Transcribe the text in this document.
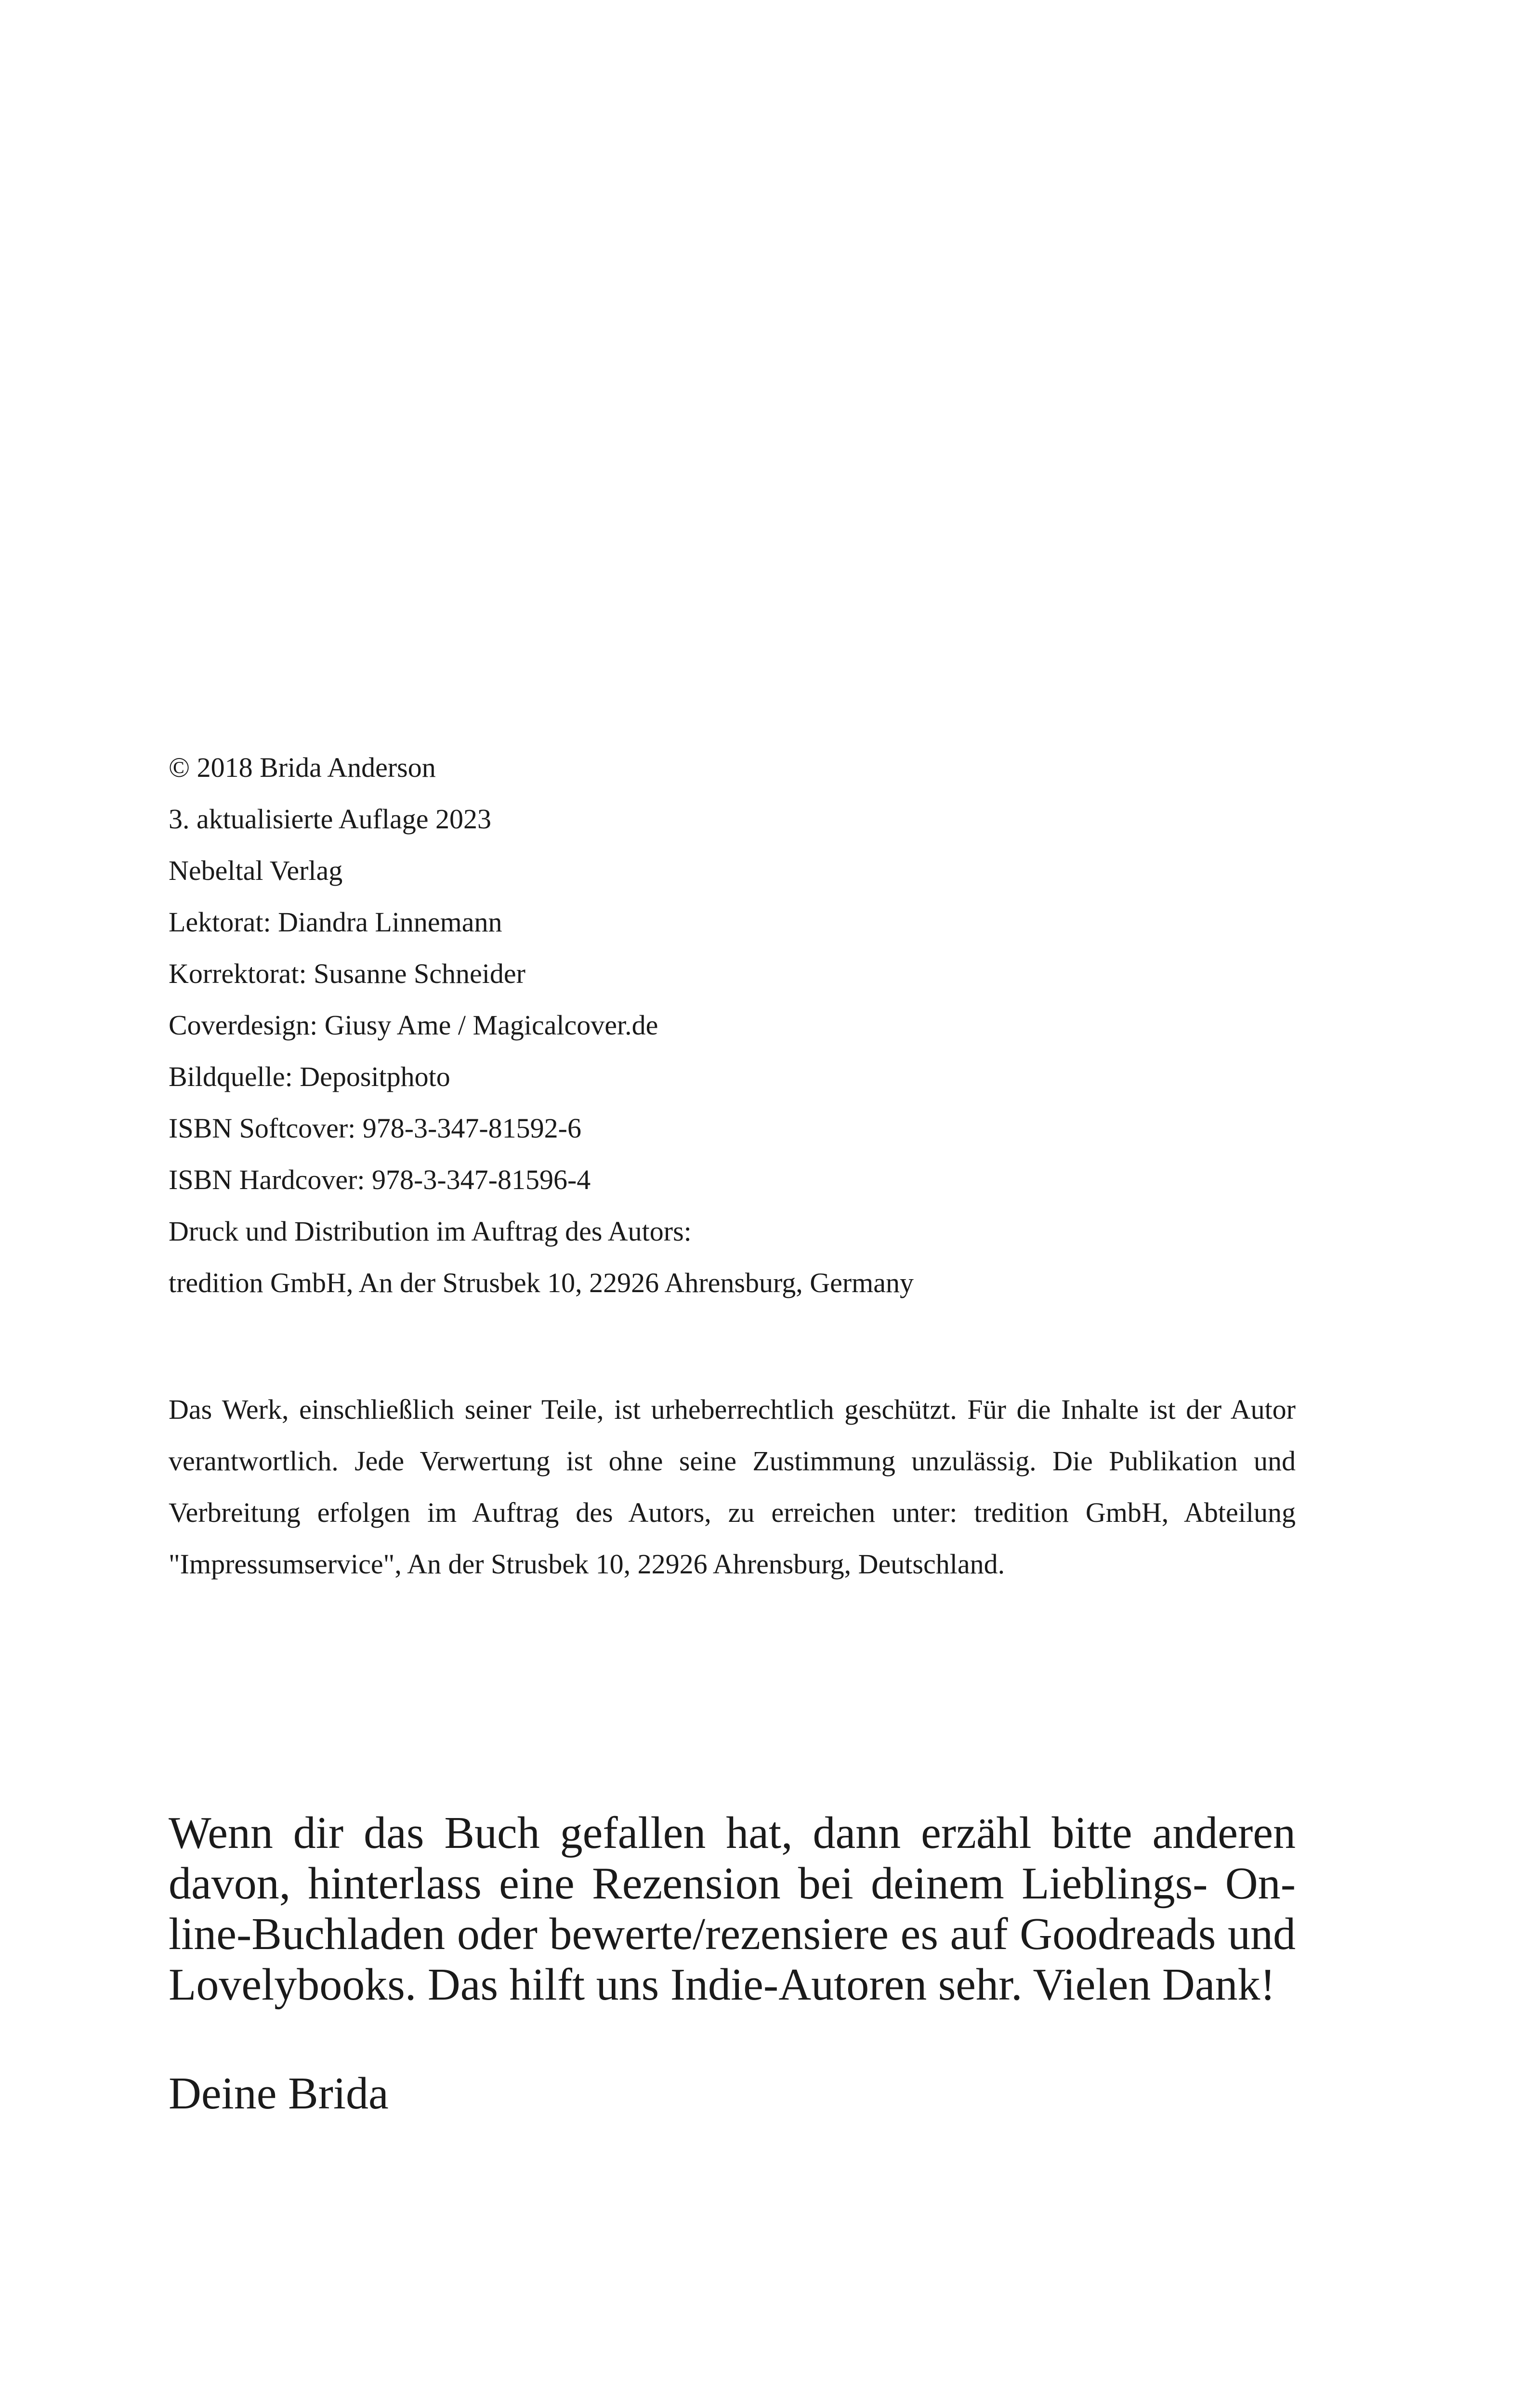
© 2018 Brida Anderson
3. aktualisierte Auflage 2023
Nebeltal Verlag
Lektorat: Diandra Linnemann
Korrektorat: Susanne Schneider
Coverdesign: Giusy Ame / Magicalcover.de
Bildquelle: Depositphoto
ISBN Softcover: 978-3-347-81592-6
ISBN Hardcover: 978-3-347-81596-4
Druck und Distribution im Auftrag des Autors:
tredition GmbH, An der Strusbek 10, 22926 Ahrensburg, Germany

Das Werk, einschließlich seiner Teile, ist urheberrechtlich geschützt. Für die Inhalte ist der Autor verantwortlich. Jede Verwertung ist ohne seine Zustimmung unzulässig. Die Publikation und Verbreitung erfolgen im Auftrag des Autors, zu erreichen unter: tredition GmbH, Abteilung "Impressumservice", An der Strusbek 10, 22926 Ahrensburg, Deutschland.

Wenn dir das Buch gefallen hat, dann erzähl bitte anderen davon, hinterlass eine Rezension bei deinem Lieblings- Online-Buchladen oder bewerte/rezensiere es auf Goodreads und Lovelybooks. Das hilft uns Indie-Autoren sehr. Vielen Dank!

Deine Brida
